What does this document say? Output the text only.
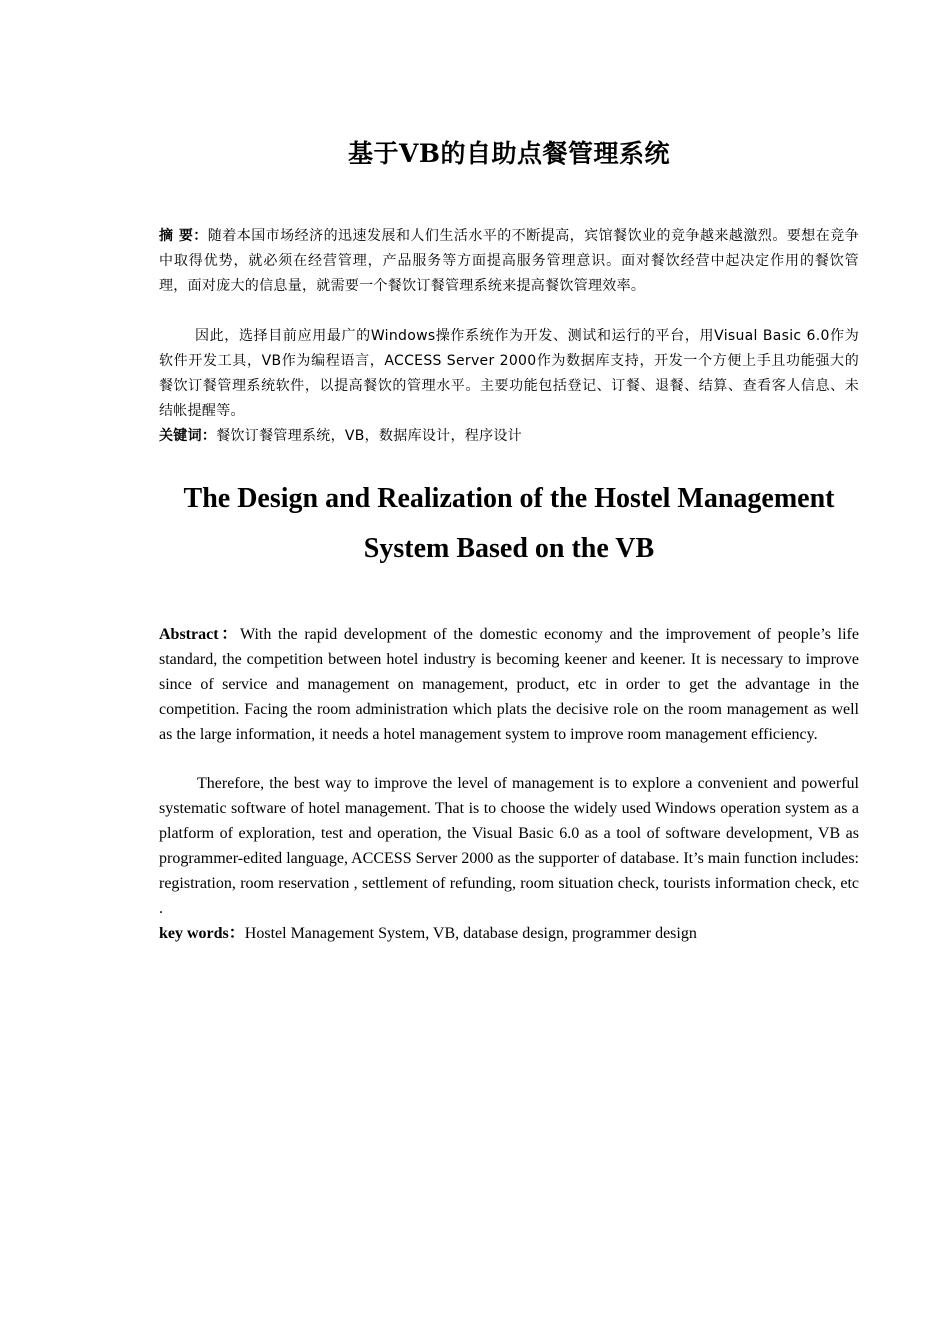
基于VB的自助点餐管理系统

摘 要：随着本国市场经济的迅速发展和人们生活水平的不断提高，宾馆餐饮业的竞争越来越激烈。要想在竞争中取得优势，就必须在经营管理，产品服务等方面提高服务管理意识。面对餐饮经营中起决定作用的餐饮管理，面对庞大的信息量，就需要一个餐饮订餐管理系统来提高餐饮管理效率。

因此，选择目前应用最广的Windows操作系统作为开发、测试和运行的平台，用Visual Basic 6.0作为软件开发工具，VB作为编程语言，ACCESS Server 2000作为数据库支持，开发一个方便上手且功能强大的餐饮订餐管理系统软件，以提高餐饮的管理水平。主要功能包括登记、订餐、退餐、结算、查看客人信息、未结帐提醒等。

关键词：餐饮订餐管理系统，VB，数据库设计，程序设计

The Design and Realization of the Hostel Management System Based on the VB

Abstract：With the rapid development of the domestic economy and the improvement of people’s life standard, the competition between hotel industry is becoming keener and keener. It is necessary to improve since of service and management on management, product, etc in order to get the advantage in the competition. Facing the room administration which plats the decisive role on the room management as well as the large information, it needs a hotel management system to improve room management efficiency.

Therefore, the best way to improve the level of management is to explore a convenient and powerful systematic software of hotel management. That is to choose the widely used Windows operation system as a platform of exploration, test and operation, the Visual Basic 6.0 as a tool of software development, VB as programmer-edited language, ACCESS Server 2000 as the supporter of database. It’s main function includes: registration, room reservation , settlement of refunding, room situation check, tourists information check, etc .

key words：Hostel Management System, VB, database design, programmer design
